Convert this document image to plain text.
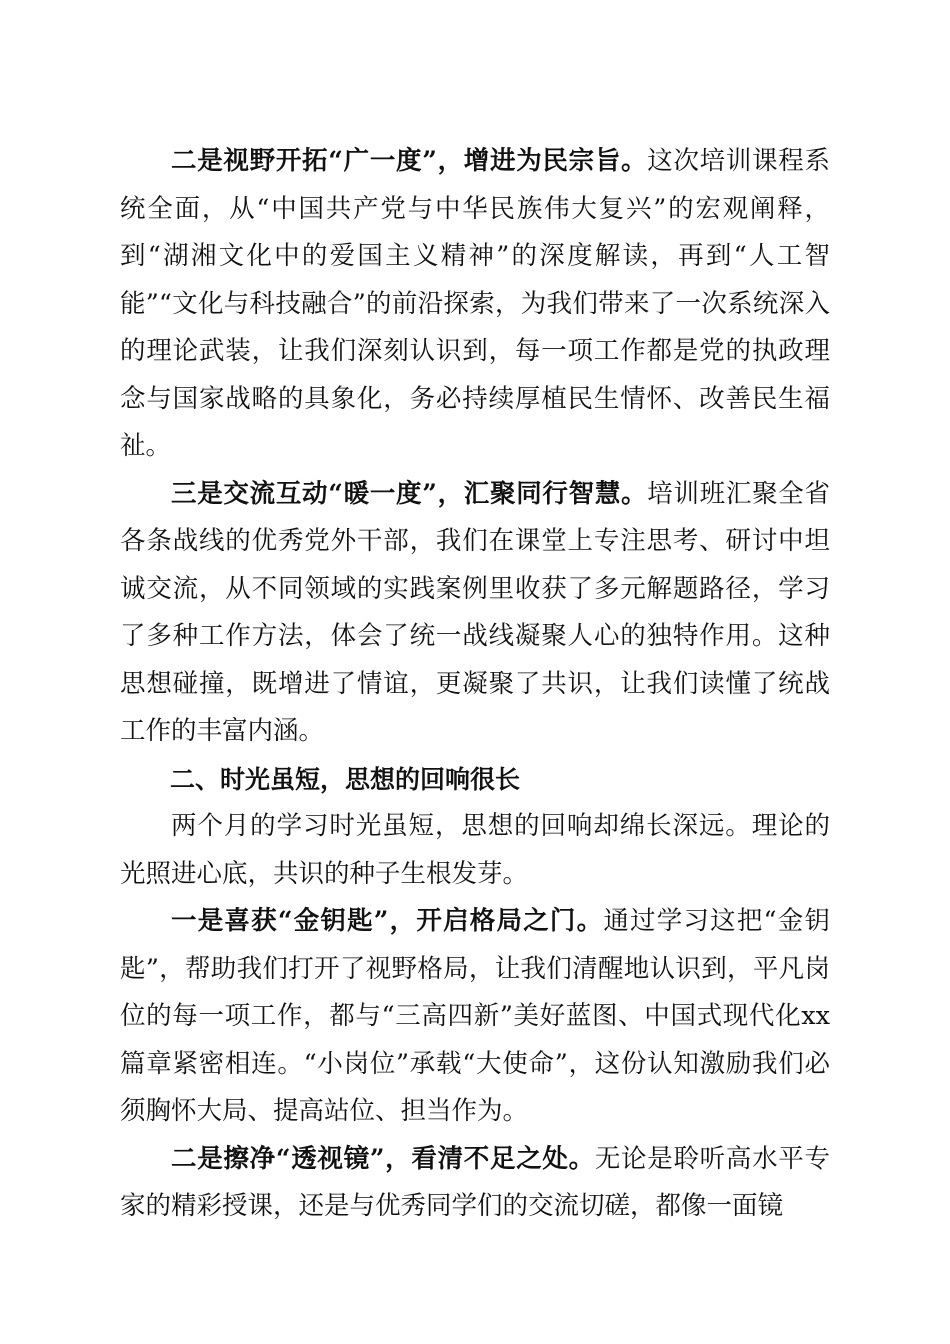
二是视野开拓“广一度”，增进为民宗旨。这次培训课程系统全面，从“中国共产党与中华民族伟大复兴”的宏观阐释，到“湖湘文化中的爱国主义精神”的深度解读，再到“人工智能”“文化与科技融合”的前沿探索，为我们带来了一次系统深入的理论武装，让我们深刻认识到，每一项工作都是党的执政理念与国家战略的具象化，务必持续厚植民生情怀、改善民生福祉。

三是交流互动“暖一度”，汇聚同行智慧。培训班汇聚全省各条战线的优秀党外干部，我们在课堂上专注思考、研讨中坦诚交流，从不同领域的实践案例里收获了多元解题路径，学习了多种工作方法，体会了统一战线凝聚人心的独特作用。这种思想碰撞，既增进了情谊，更凝聚了共识，让我们读懂了统战工作的丰富内涵。

二、时光虽短，思想的回响很长

两个月的学习时光虽短，思想的回响却绵长深远。理论的光照进心底，共识的种子生根发芽。

一是喜获“金钥匙”，开启格局之门。通过学习这把“金钥匙”，帮助我们打开了视野格局，让我们清醒地认识到，平凡岗位的每一项工作，都与“三高四新”美好蓝图、中国式现代化xx篇章紧密相连。“小岗位”承载“大使命”，这份认知激励我们必须胸怀大局、提高站位、担当作为。

二是擦净“透视镜”，看清不足之处。无论是聆听高水平专家的精彩授课，还是与优秀同学们的交流切磋，都像一面镜
